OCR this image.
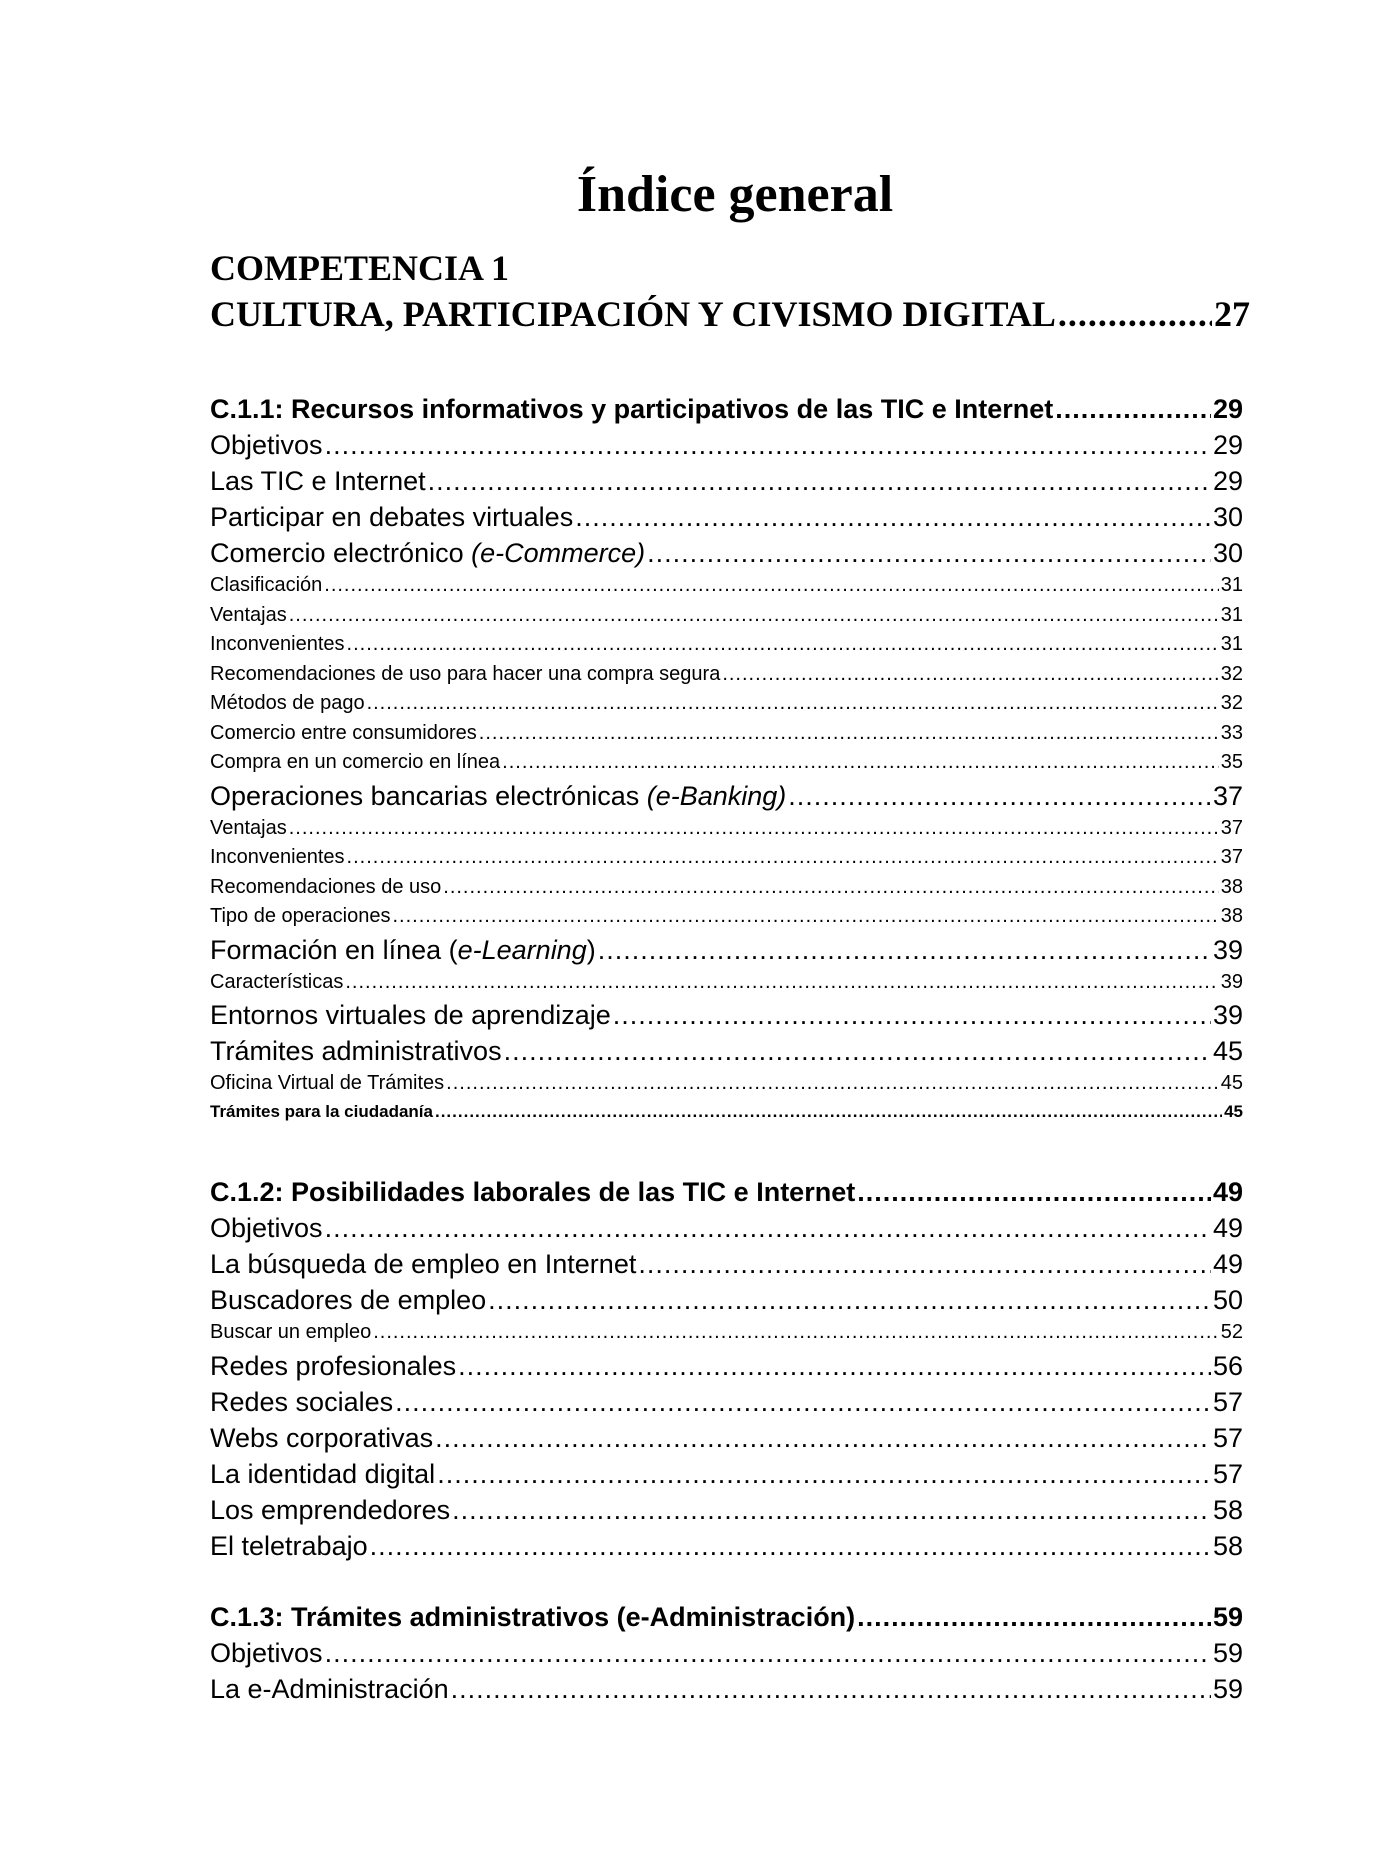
Índice general
COMPETENCIA 1
CULTURA, PARTICIPACIÓN Y CIVISMO DIGITAL .....	27
C.1.1: Recursos informativos y participativos de las TIC e Internet .....	29
Objetivos .....	29
Las TIC e Internet .....	29
Participar en debates virtuales .....	30
Comercio electrónico (e-Commerce) .....	30
Clasificación .....	31
Ventajas .....	31
Inconvenientes .....	31
Recomendaciones de uso para hacer una compra segura .....	32
Métodos de pago .....	32
Comercio entre consumidores .....	33
Compra en un comercio en línea .....	35
Operaciones bancarias electrónicas (e-Banking) .....	37
Ventajas .....	37
Inconvenientes .....	37
Recomendaciones de uso .....	38
Tipo de operaciones .....	38
Formación en línea (e-Learning) .....	39
Características .....	39
Entornos virtuales de aprendizaje .....	39
Trámites administrativos .....	45
Oficina Virtual de Trámites .....	45
Trámites para la ciudadanía .....	45
C.1.2: Posibilidades laborales de las TIC e Internet .....	49
Objetivos .....	49
La búsqueda de empleo en Internet .....	49
Buscadores de empleo .....	50
Buscar un empleo .....	52
Redes profesionales .....	56
Redes sociales .....	57
Webs corporativas .....	57
La identidad digital .....	57
Los emprendedores .....	58
El teletrabajo .....	58
C.1.3: Trámites administrativos (e-Administración) .....	59
Objetivos .....	59
La e-Administración .....	59
